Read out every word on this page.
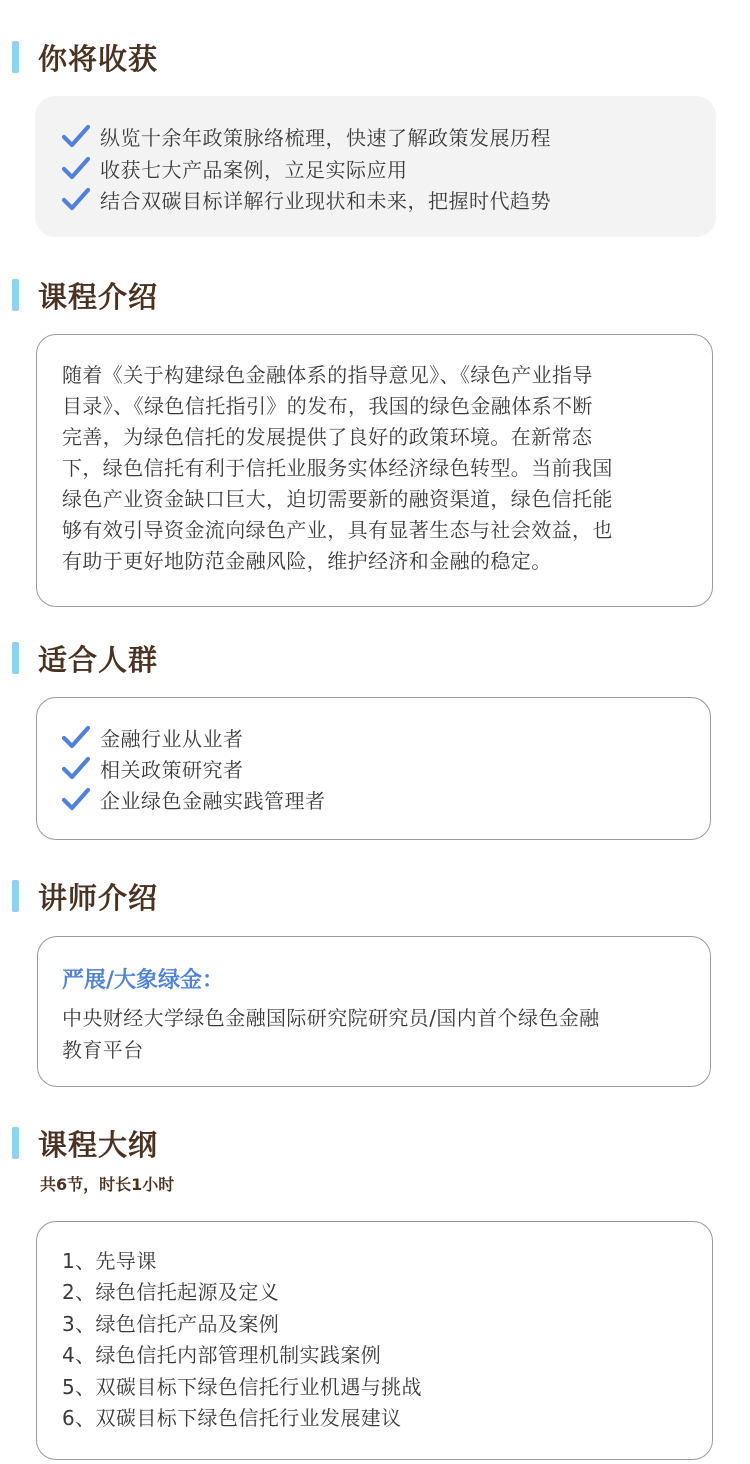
你将收获
纵览十余年政策脉络梳理，快速了解政策发展历程
收获七大产品案例，立足实际应用
结合双碳目标详解行业现状和未来，把握时代趋势
课程介绍
随着《关于构建绿色金融体系的指导意见》、《绿色产业指导
目录》、《绿色信托指引》的发布，我国的绿色金融体系不断
完善，为绿色信托的发展提供了良好的政策环境。在新常态
下，绿色信托有利于信托业服务实体经济绿色转型。当前我国
绿色产业资金缺口巨大，迫切需要新的融资渠道，绿色信托能
够有效引导资金流向绿色产业，具有显著生态与社会效益，也
有助于更好地防范金融风险，维护经济和金融的稳定。
适合人群
金融行业从业者
相关政策研究者
企业绿色金融实践管理者
讲师介绍
严展/大象绿金：
中央财经大学绿色金融国际研究院研究员/国内首个绿色金融
教育平台
课程大纲
共6节，时长1小时
1、先导课
2、绿色信托起源及定义
3、绿色信托产品及案例
4、绿色信托内部管理机制实践案例
5、双碳目标下绿色信托行业机遇与挑战
6、双碳目标下绿色信托行业发展建议
